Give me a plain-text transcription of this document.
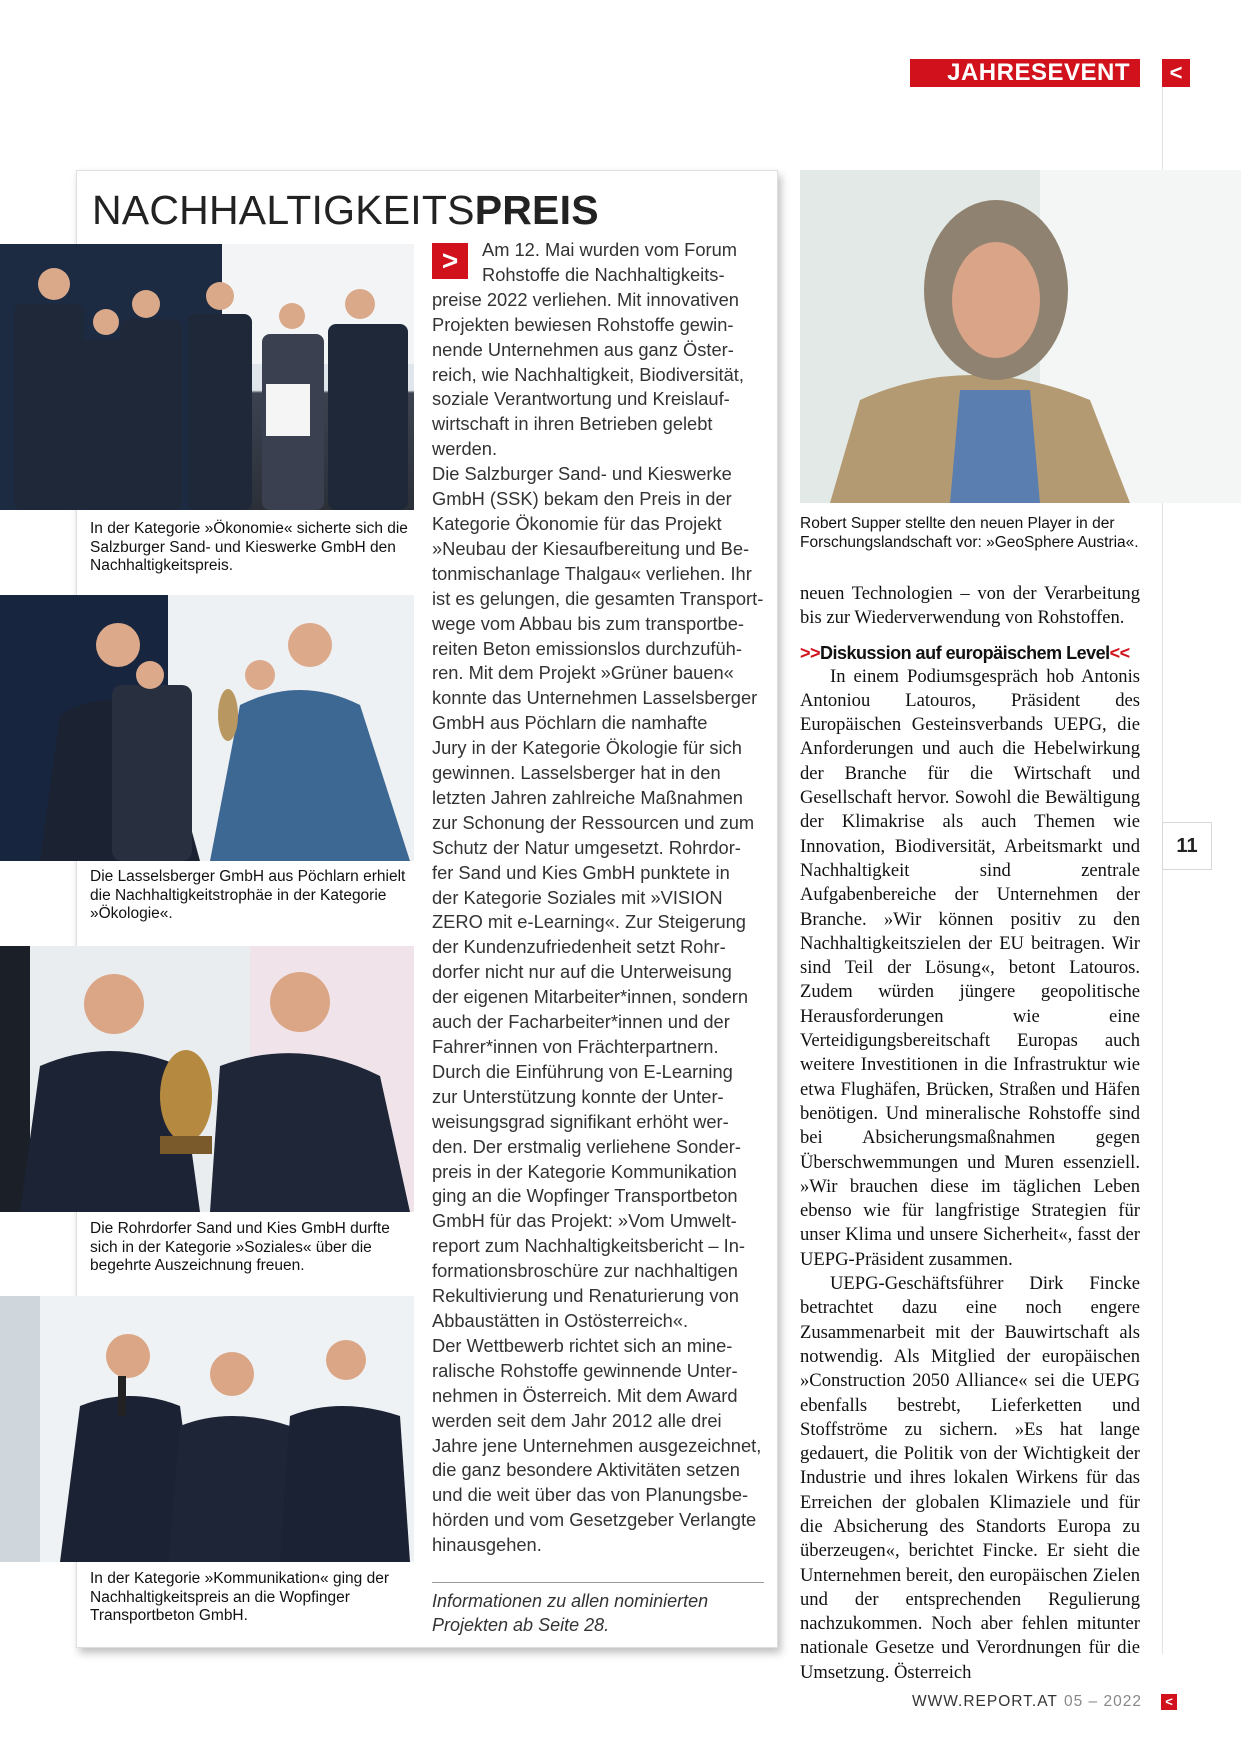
JAHRESEVENT	<
11
NACHHALTIGKEITSPREIS
In der Kategorie »Ökonomie« sicherte sich die Salzburger Sand- und Kieswerke GmbH den Nachhaltigkeitspreis.
Die Lasselsberger GmbH aus Pöchlarn erhielt die Nachhaltigkeitstrophäe in der Kategorie »Ökologie«.
Die Rohrdorfer Sand und Kies GmbH durfte sich in der Kategorie »Soziales« über die begehrte Auszeichnung freuen.
In der Kategorie »Kommunikation« ging der Nachhaltigkeitspreis an die Wopfinger Transportbeton GmbH.
>	Am 12. Mai wurden vom Forum

Rohstoffe die Nachhaltigkeits-

preise 2022 verliehen. Mit innovativen

Projekten bewiesen Rohstoffe gewin-

nende Unternehmen aus ganz Öster-

reich, wie Nachhaltigkeit, Biodiversität,

soziale Verantwortung und Kreislauf-

wirtschaft in ihren Betrieben gelebt

werden.

Die Salzburger Sand- und Kieswerke

GmbH (SSK) bekam den Preis in der

Kategorie Ökonomie für das Projekt

»Neubau der Kiesaufbereitung und Be-

tonmischanlage Thalgau« verliehen. Ihr

ist es gelungen, die gesamten Transport-

wege vom Abbau bis zum transportbe-

reiten Beton emissionslos durchzufüh-

ren. Mit dem Projekt »Grüner bauen«

konnte das Unternehmen Lasselsberger

GmbH aus Pöchlarn die namhafte

Jury in der Kategorie Ökologie für sich

gewinnen. Lasselsberger hat in den

letzten Jahren zahlreiche Maßnahmen

zur Schonung der Ressourcen und zum

Schutz der Natur umgesetzt. Rohrdor-

fer Sand und Kies GmbH punktete in

der Kategorie Soziales mit »VISION

ZERO mit e-Learning«. Zur Steigerung

der Kundenzufriedenheit setzt Rohr-

dorfer nicht nur auf die Unterweisung

der eigenen Mitarbeiter*innen, sondern

auch der Facharbeiter*innen und der

Fahrer*innen von Frächterpartnern.

Durch die Einführung von E-Learning

zur Unterstützung konnte der Unter-

weisungsgrad signifikant erhöht wer-

den. Der erstmalig verliehene Sonder-

preis in der Kategorie Kommunikation

ging an die Wopfinger Transportbeton

GmbH für das Projekt: »Vom Umwelt-

report zum Nachhaltigkeitsbericht – In-

formationsbroschüre zur nachhaltigen

Rekultivierung und Renaturierung von

Abbaustätten in Ostösterreich«.

Der Wettbewerb richtet sich an mine-

ralische Rohstoffe gewinnende Unter-

nehmen in Österreich. Mit dem Award

werden seit dem Jahr 2012 alle drei

Jahre jene Unternehmen ausgezeichnet,

die ganz besondere Aktivitäten setzen

und die weit über das von Planungsbe-

hörden und vom Gesetzgeber Verlangte

hinausgehen.

Informationen zu allen nominierten Projekten ab Seite 28.
Robert Supper stellte den neuen Player in der Forschungslandschaft vor: »GeoSphere Austria«.

neuen Technologien – von der Verarbeitung bis zur Wiederverwendung von Rohstoffen.

>>Diskussion auf europäischem Level<<

In einem Podiumsgespräch hob Antonis Antoniou Latouros, Präsident des Europäischen Gesteinsverbands UEPG, die Anforderungen und auch die Hebelwirkung der Branche für die Wirtschaft und Gesellschaft hervor. Sowohl die Bewältigung der Klimakrise als auch Themen wie Innovation, Biodiversität, Arbeitsmarkt und Nachhaltigkeit sind zentrale Aufgabenbereiche der Unternehmen der Branche. »Wir können positiv zu den Nachhaltigkeitszielen der EU beitragen. Wir sind Teil der Lösung«, betont Latouros. Zudem würden jüngere geopolitische Herausforderungen wie eine Verteidigungsbereitschaft Europas auch weitere Investitionen in die Infrastruktur wie etwa Flughäfen, Brücken, Straßen und Häfen benötigen. Und mineralische Rohstoffe sind bei Absicherungsmaßnahmen gegen Überschwemmungen und Muren essenziell. »Wir brauchen diese im täglichen Leben ebenso wie für langfristige Strategien für unser Klima und unsere Sicherheit«, fasst der UEPG-Präsident zusammen.

UEPG-Geschäftsführer Dirk Fincke betrachtet dazu eine noch engere Zusammenarbeit mit der Bauwirtschaft als notwendig. Als Mitglied der europäischen »Construction 2050 Alliance« sei die UEPG ebenfalls bestrebt, Lieferketten und Stoffströme zu sichern. »Es hat lange gedauert, die Politik von der Wichtigkeit der Industrie und ihres lokalen Wirkens für das Erreichen der globalen Klimaziele und für die Absicherung des Standorts Europa zu überzeugen«, berichtet Fincke. Er sieht die Unternehmen bereit, den europäischen Zielen und der entsprechenden Regulierung nachzukommen. Noch aber fehlen mitunter nationale Gesetze und Verordnungen für die Umsetzung. Österreich

WWW.REPORT.AT 05 – 2022	<
